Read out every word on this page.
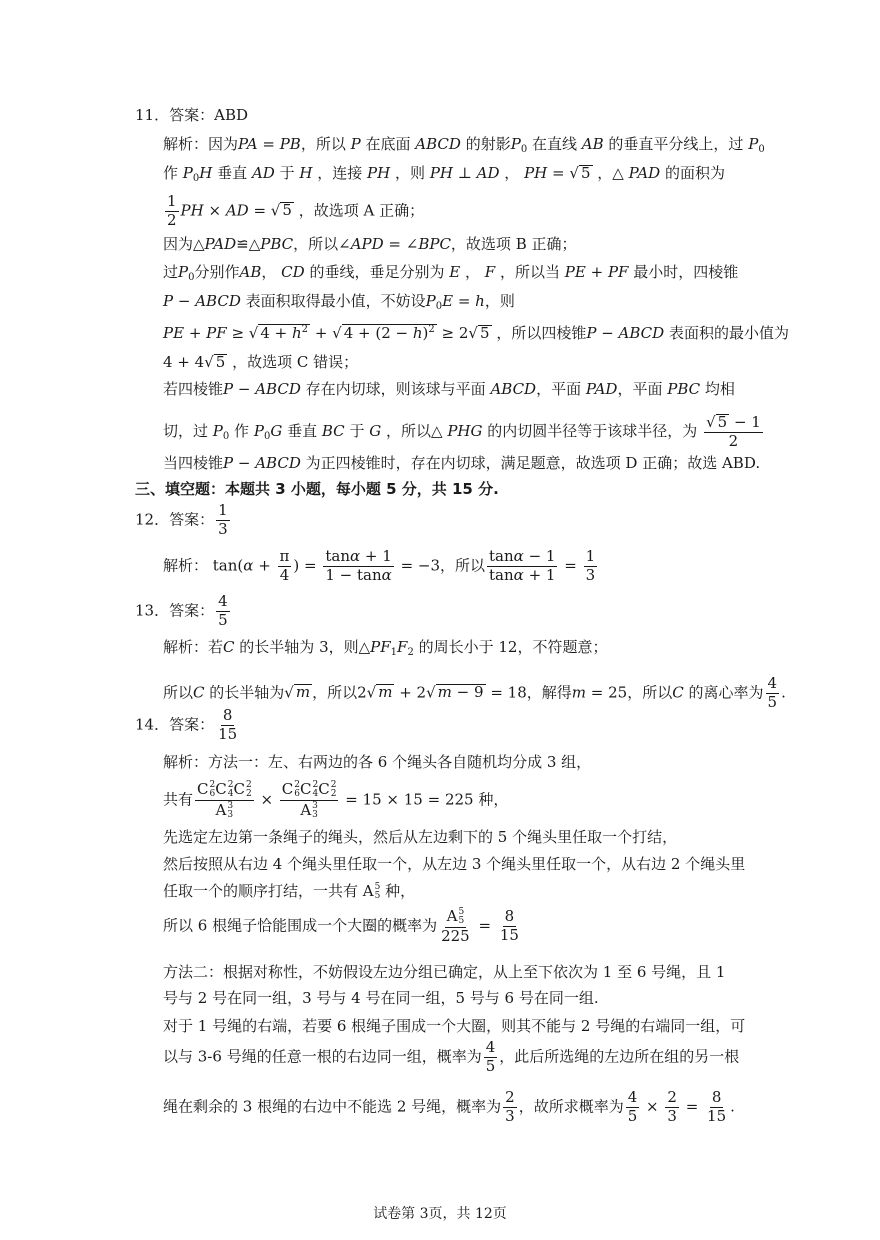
11．答案：ABD
解析：因为PA = PB，所以 P 在底面 ABCD 的射影$P_0$ 在直线 AB 的垂直平分线上，过 $P_0$
作 $P_0H$ 垂直 AD 于 H ，连接 PH ，则 PH ⊥ AD ， PH = √ 5 ，△ PAD 的面积为
$\frac{1}{2}$ PH × AD = √ 5 ，故选项 A 正确；
因为△PAD≌△PBC，所以∠APD = ∠BPC，故选项 B 正确；
过$P_0$分别作AB， CD 的垂线，垂足分别为 E ， F ，所以当 PE + PF 最小时，四棱锥
P − ABCD 表面积取得最小值，不妨设$P_0E = h$，则
PE + PF ≥ √ $4 + h^2$ + √ $4 + (2 - h)^2 \ge 2√$ 5 ，所以四棱锥P − ABCD 表面积的最小值为
4 + 4√ 5 ，故选项 C 错误；
若四棱锥P − ABCD 存在内切球，则该球与平面 ABCD，平面 PAD，平面 PBC 均相
切，过 $P_0$ 作 $P_0G$ 垂直 BC 于 G ，所以△ PHG 的内切圆半径等于该球半径，为 $\frac{√ 5 - 1}{2}$
当四棱锥P − ABCD 为正四棱锥时，存在内切球，满足题意，故选项 D 正确；故选 ABD.
三、填空题：本题共 3 小题，每小题 5 分，共 15 分.
12．答案： $\frac{1}{3}$
解析： $\tan(\alpha + \frac{\pi}{4}$ ) = $\frac{\tan\alpha + 1}{1 - \tan\alpha} = -3$，所以 $\frac{\tan\alpha - 1}{\tan\alpha + 1} = \frac{1}{3}$
13．答案： $\frac{4}{5}$
解析：若C 的长半轴为 3，则$\triangle PF_1F_2$ 的周长小于 12，不符题意；
所以C 的长半轴为√ m ，所以2√ m + 2√ m − 9 = 18，解得m = 25，所以C 的离心率为 $\frac{4}{5}$ .
14．答案： $\frac{8}{15}$
解析：方法一：左、右两边的各 6 个绳头各自随机均分成 3 组，
共有 C 2
6 C 2
4 C 2
2
A 3
3 × C 2
6 C 2
4 C 2
2
A 3
3 = 15 × 15 = 225 种，
先选定左边第一条绳子的绳头，然后从左边剩下的 5 个绳头里任取一个打结，
然后按照从右边 4 个绳头里任取一个，从左边 3 个绳头里任取一个，从右边 2 个绳头里
任取一个的顺序打结，一共有 A 5
5 种，
所以 6 根绳子恰能围成一个大圈的概率为 A 5
5
$225 = \frac{8}{15}$
方法二：根据对称性，不妨假设左边分组已确定，从上至下依次为 1 至 6 号绳，且 1
号与 2 号在同一组，3 号与 4 号在同一组，5 号与 6 号在同一组.
对于 1 号绳的右端，若要 6 根绳子围成一个大圈，则其不能与 2 号绳的右端同一组，可
以与 3-6 号绳的任意一根的右边同一组，概率为 $\frac{4}{5}$ ，此后所选绳的左边所在组的另一根
绳在剩余的 3 根绳的右边中不能选 2 号绳，概率为 $\frac{2}{3}$ ，故所求概率为 $\frac{4}{5} \times \frac{2}{3} = \frac{8}{15}$ .
试卷第 3页，共 12页
